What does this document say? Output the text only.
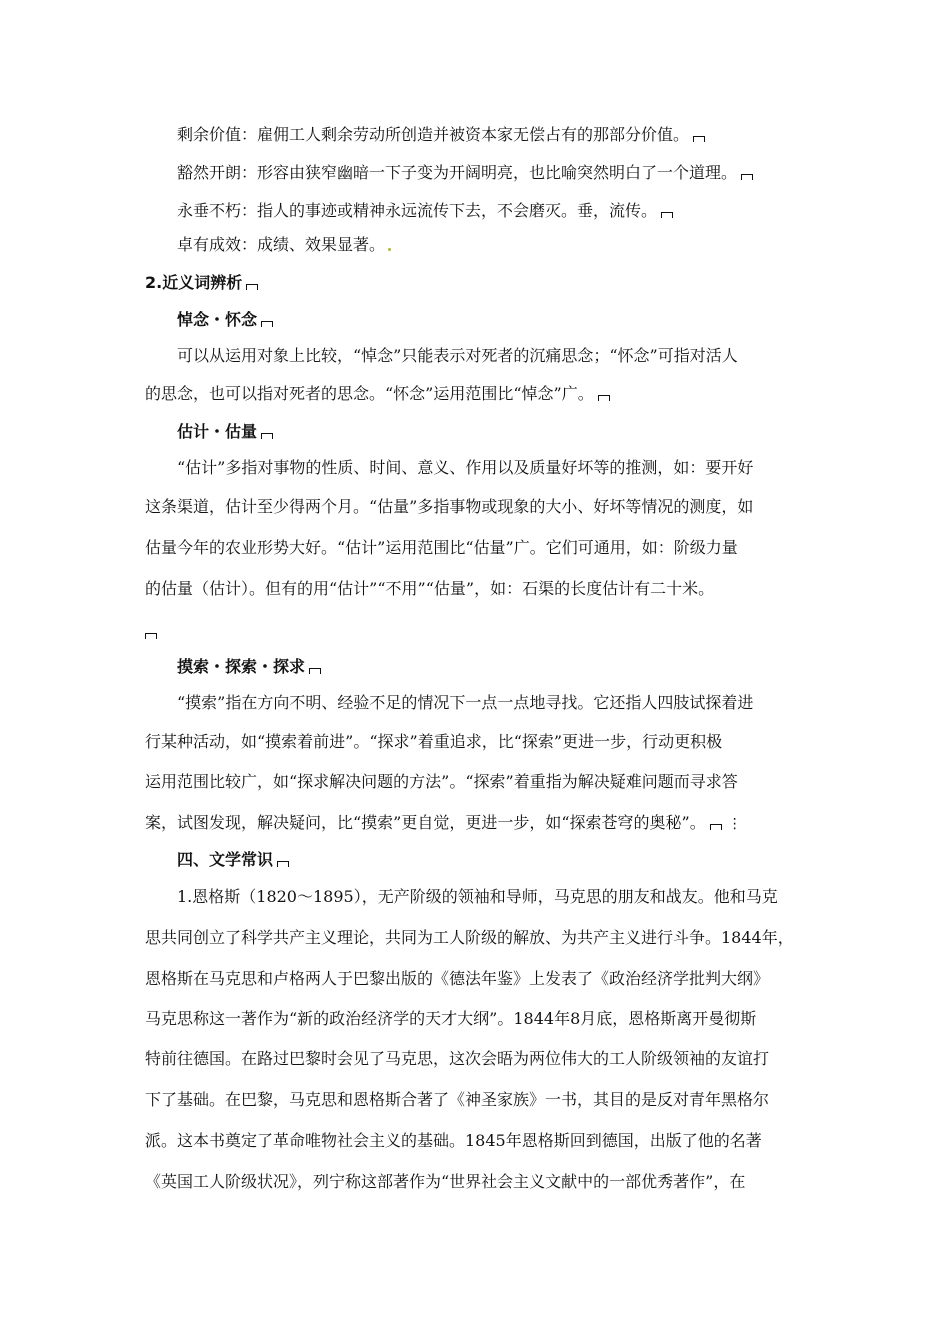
剩余价值：雇佣工人剩余劳动所创造并被资本家无偿占有的那部分价值。
豁然开朗：形容由狭窄幽暗一下子变为开阔明亮，也比喻突然明白了一个道理。
永垂不朽：指人的事迹或精神永远流传下去，不会磨灭。垂，流传。
卓有成效：成绩、效果显著。
2.近义词辨析
悼念・怀念
可以从运用对象上比较，“悼念”只能表示对死者的沉痛思念；“怀念”可指对活人
的思念，也可以指对死者的思念。“怀念”运用范围比“悼念”广。
估计・估量
“估计”多指对事物的性质、时间、意义、作用以及质量好坏等的推测，如：要开好
这条渠道，估计至少得两个月。“估量”多指事物或现象的大小、好坏等情况的测度，如
估量今年的农业形势大好。“估计”运用范围比“估量”广。它们可通用，如：阶级力量
的估量（估计）。但有的用“估计”“不用”“估量”，如：石渠的长度估计有二十米。
摸索・探索・探求
“摸索”指在方向不明、经验不足的情况下一点一点地寻找。它还指人四肢试探着进
行某种活动，如“摸索着前进”。“探求”着重追求，比“探索”更进一步，行动更积极
运用范围比较广，如“探求解决问题的方法”。“探索”着重指为解决疑难问题而寻求答
案，试图发现，解决疑问，比“摸索”更自觉，更进一步，如“探索苍穹的奥秘”。 ⋮
四、文学常识
1.恩格斯（1820～1895），无产阶级的领袖和导师，马克思的朋友和战友。他和马克
思共同创立了科学共产主义理论，共同为工人阶级的解放、为共产主义进行斗争。1844年，
恩格斯在马克思和卢格两人于巴黎出版的《德法年鉴》上发表了《政治经济学批判大纲》
马克思称这一著作为“新的政治经济学的天才大纲”。1844年8月底，恩格斯离开曼彻斯
特前往德国。在路过巴黎时会见了马克思，这次会晤为两位伟大的工人阶级领袖的友谊打
下了基础。在巴黎，马克思和恩格斯合著了《神圣家族》一书，其目的是反对青年黑格尔
派。这本书奠定了革命唯物社会主义的基础。1845年恩格斯回到德国，出版了他的名著
《英国工人阶级状况》，列宁称这部著作为“世界社会主义文献中的一部优秀著作”，在
